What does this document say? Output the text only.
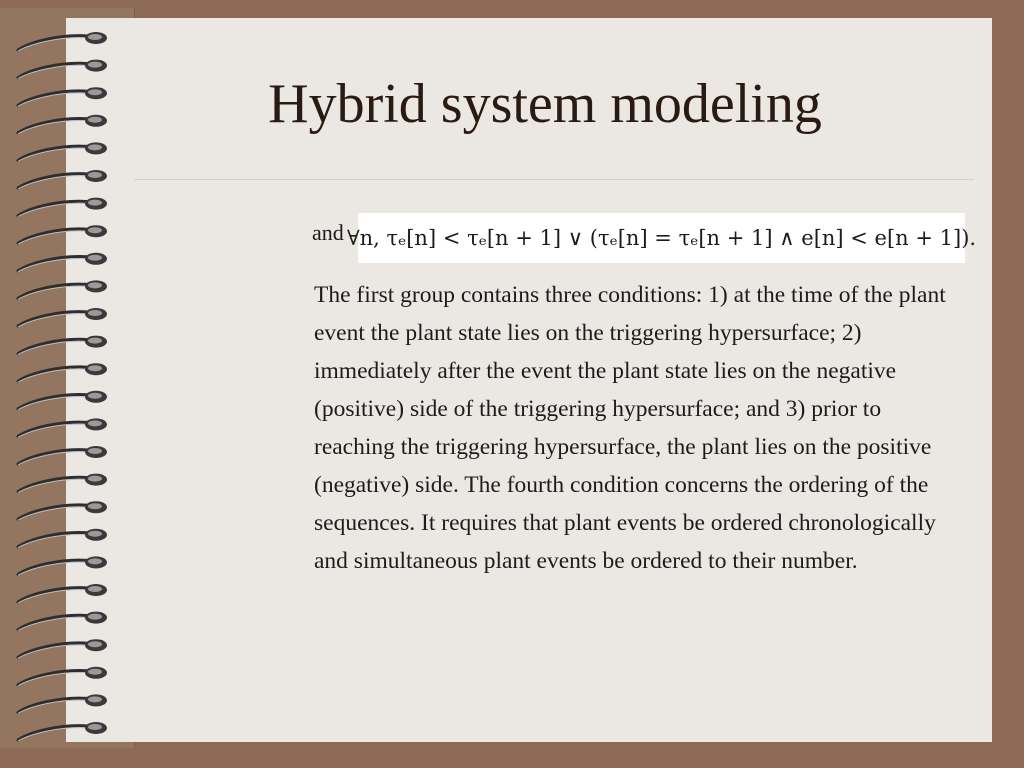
Hybrid system modeling
and ∀n, τₑ[n] < τₑ[n + 1] ∨ (τₑ[n] = τₑ[n + 1] ∧ e[n] < e[n + 1]).

The first group contains three conditions: 1) at the time of the plant event the plant state lies on the triggering hypersurface; 2) immediately after the event the plant state lies on the negative (positive) side of the triggering hypersurface; and 3) prior to reaching the triggering hypersurface, the plant lies on the positive (negative) side. The fourth condition concerns the ordering of the sequences. It requires that plant events be ordered chronologically and simultaneous plant events be ordered to their number.
